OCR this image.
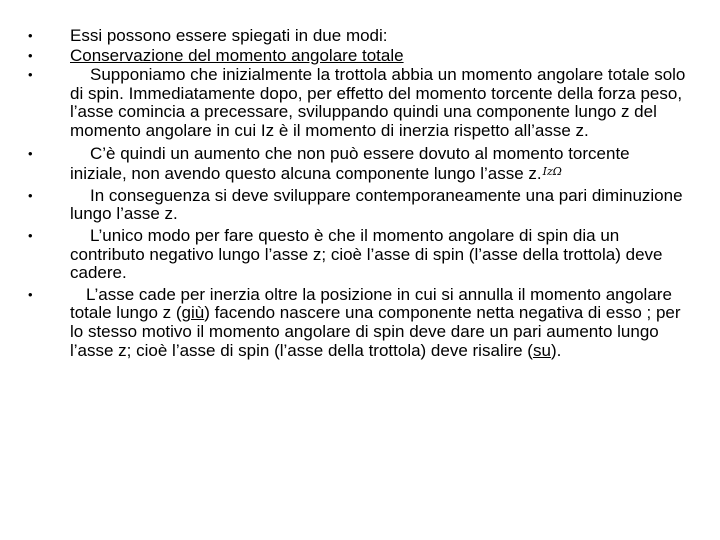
•	Essi possono essere spiegati in due modi:
•	Conservazione del momento angolare totale
•	Supponiamo che inizialmente la trottola abbia un momento angolare totale solo di spin. Immediatamente dopo, per effetto del momento torcente della forza peso, l’asse comincia a precessare, sviluppando quindi una componente lungo z del momento angolare in cui Iz è il momento di inerzia rispetto all’asse z.
•	C’è quindi un aumento che non può essere dovuto al momento torcente iniziale, non avendo questo alcuna componente lungo l’asse z.$^{Iz\Omega}$
•	In conseguenza si deve sviluppare contemporaneamente una pari diminuzione lungo l’asse z.
•	L’unico modo per fare questo è che il momento angolare di spin dia un contributo negativo lungo l’asse z; cioè l’asse di spin (l’asse della trottola) deve cadere.
•	L’asse cade per inerzia oltre la posizione in cui si annulla il momento angolare totale lungo z (giù) facendo nascere una componente netta negativa di esso ; per lo stesso motivo il momento angolare di spin deve dare un pari aumento lungo l’asse z; cioè l’asse di spin (l’asse della trottola) deve risalire (su).
